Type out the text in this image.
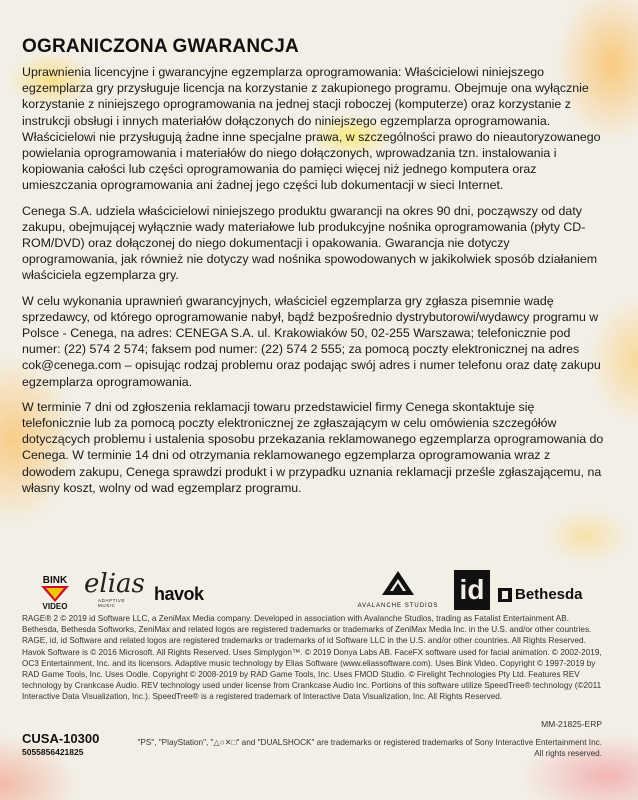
OGRANICZONA GWARANCJA

Uprawnienia licencyjne i gwarancyjne egzemplarza oprogramowania: Właścicielowi niniejszego egzemplarza gry przysługuje licencja na korzystanie z zakupionego programu. Obejmuje ona wyłącznie korzystanie z niniejszego oprogramowania na jednej stacji roboczej (komputerze) oraz korzystanie z instrukcji obsługi i innych materiałów dołączonych do niniejszego egzemplarza oprogramowania. Właścicielowi nie przysługują żadne inne specjalne prawa, w szczególności prawo do nieautoryzowanego powielania oprogramowania i materiałów do niego dołączonych, wprowadzania tzn. instalowania i kopiowania całości lub części oprogramowania do pamięci więcej niż jednego komputera oraz umieszczania oprogramowania ani żadnej jego części lub dokumentacji w sieci Internet.

Cenega S.A. udziela właścicielowi niniejszego produktu gwarancji na okres 90 dni, począwszy od daty zakupu, obejmującej wyłącznie wady materiałowe lub produkcyjne nośnika oprogramowania (płyty CD-ROM/DVD) oraz dołączonej do niego dokumentacji i opakowania. Gwarancja nie dotyczy oprogramowania, jak również nie dotyczy wad nośnika spowodowanych w jakikolwiek sposób działaniem właściciela egzemplarza gry.

W celu wykonania uprawnień gwarancyjnych, właściciel egzemplarza gry zgłasza pisemnie wadę sprzedawcy, od którego oprogramowanie nabył, bądź bezpośrednio dystrybutorowi/wydawcy programu w Polsce - Cenega, na adres: CENEGA S.A. ul. Krakowiaków 50, 02-255 Warszawa; telefonicznie pod numer: (22) 574 2 574; faksem pod numer: (22) 574 2 555; za pomocą poczty elektronicznej na adres cok@cenega.com – opisując rodzaj problemu oraz podając swój adres i numer telefonu oraz datę zakupu egzemplarza oprogramowania.

W terminie 7 dni od zgłoszenia reklamacji towaru przedstawiciel firmy Cenega skontaktuje się telefonicznie lub za pomocą poczty elektronicznej ze zgłaszającym w celu omówienia szczegółów dotyczących problemu i ustalenia sposobu przekazania reklamowanego egzemplarza oprogramowania do Cenega. W terminie 14 dni od otrzymania reklamowanego egzemplarza oprogramowania wraz z dowodem zakupu, Cenega sprawdzi produkt i w przypadku uznania reklamacji prześle zgłaszającemu, na własny koszt, wolny od wad egzemplarz programu.

BINK
VIDEO
elias
ADAPTIVE MUSIC
havok
AVALANCHE STUDIOS
id	Bethesda
RAGE® 2 © 2019 id Software LLC, a ZeniMax Media company. Developed in association with Avalanche Studios, trading as Fatalist Entertainment AB. Bethesda, Bethesda Softworks, ZeniMax and related logos are registered trademarks or trademarks of ZeniMax Media Inc. in the U.S. and/or other countries. RAGE, id, id Software and related logos are registered trademarks or trademarks of id Software LLC in the U.S. and/or other countries. All Rights Reserved. Havok Software is © 2016 Microsoft. All Rights Reserved. Uses Simplygon™. © 2019 Donya Labs AB. FaceFX software used for facial animation. © 2002-2019, OC3 Entertainment, Inc. and its licensors. Adaptive music technology by Elias Software (www.eliassoftware.com). Uses Bink Video. Copyright © 1997-2019 by RAD Game Tools, Inc. Uses Oodle. Copyright © 2008-2019 by RAD Game Tools, Inc. Uses FMOD Studio. © Firelight Technologies Pty Ltd. Features REV technology by Crankcase Audio. REV technology used under license from Crankcase Audio Inc. Portions of this software utilize SpeedTree® technology (©2011 Interactive Data Visualization, Inc.). SpeedTree® is a registered trademark of Interactive Data Visualization, Inc. All Rights Reserved.
MM-21825-ERP
CUSA-10300
5055856421825
"PS", "PlayStation", "△○✕□" and "DUALSHOCK" are trademarks or registered trademarks of Sony Interactive Entertainment Inc. All rights reserved.
